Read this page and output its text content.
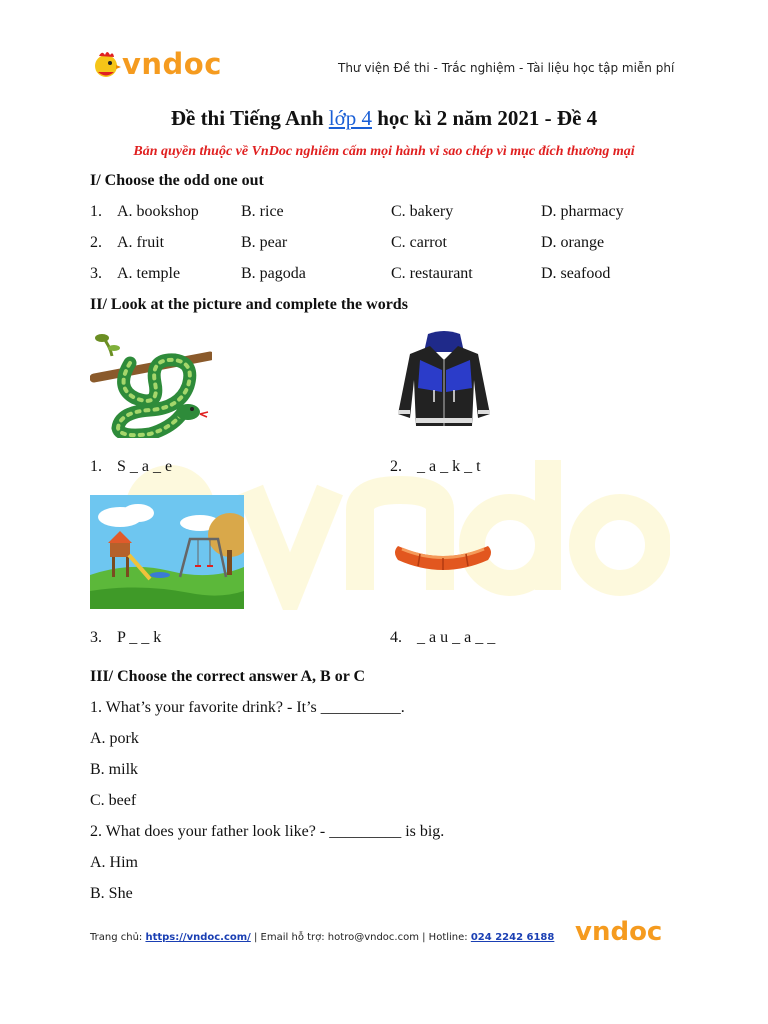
vndoc	Thư viện Đề thi - Trắc nghiệm - Tài liệu học tập miễn phí
Đề thi Tiếng Anh lớp 4 học kì 2 năm 2021 - Đề 4
Bản quyền thuộc về VnDoc nghiêm cấm mọi hành vi sao chép vì mục đích thương mại
I/ Choose the odd one out
1. A. bookshop	B. rice	C. bakery	D. pharmacy
2. A. fruit	B. pear	C. carrot	D. orange
3. A. temple	B. pagoda	C. restaurant	D. seafood
II/ Look at the picture and complete the words
1. S _ a _ e	2. _ a _ k _ t
3. P _ _ k	4. _ a u _ a _ _
III/ Choose the correct answer A, B or C
1. What’s your favorite drink? - It’s __________.
A. pork
B. milk
C. beef
2. What does your father look like? - _________ is big.
A. Him
B. She
Trang chủ: https://vndoc.com/ | Email hỗ trợ: hotro@vndoc.com | Hotline: 024 2242 6188 vndoc
